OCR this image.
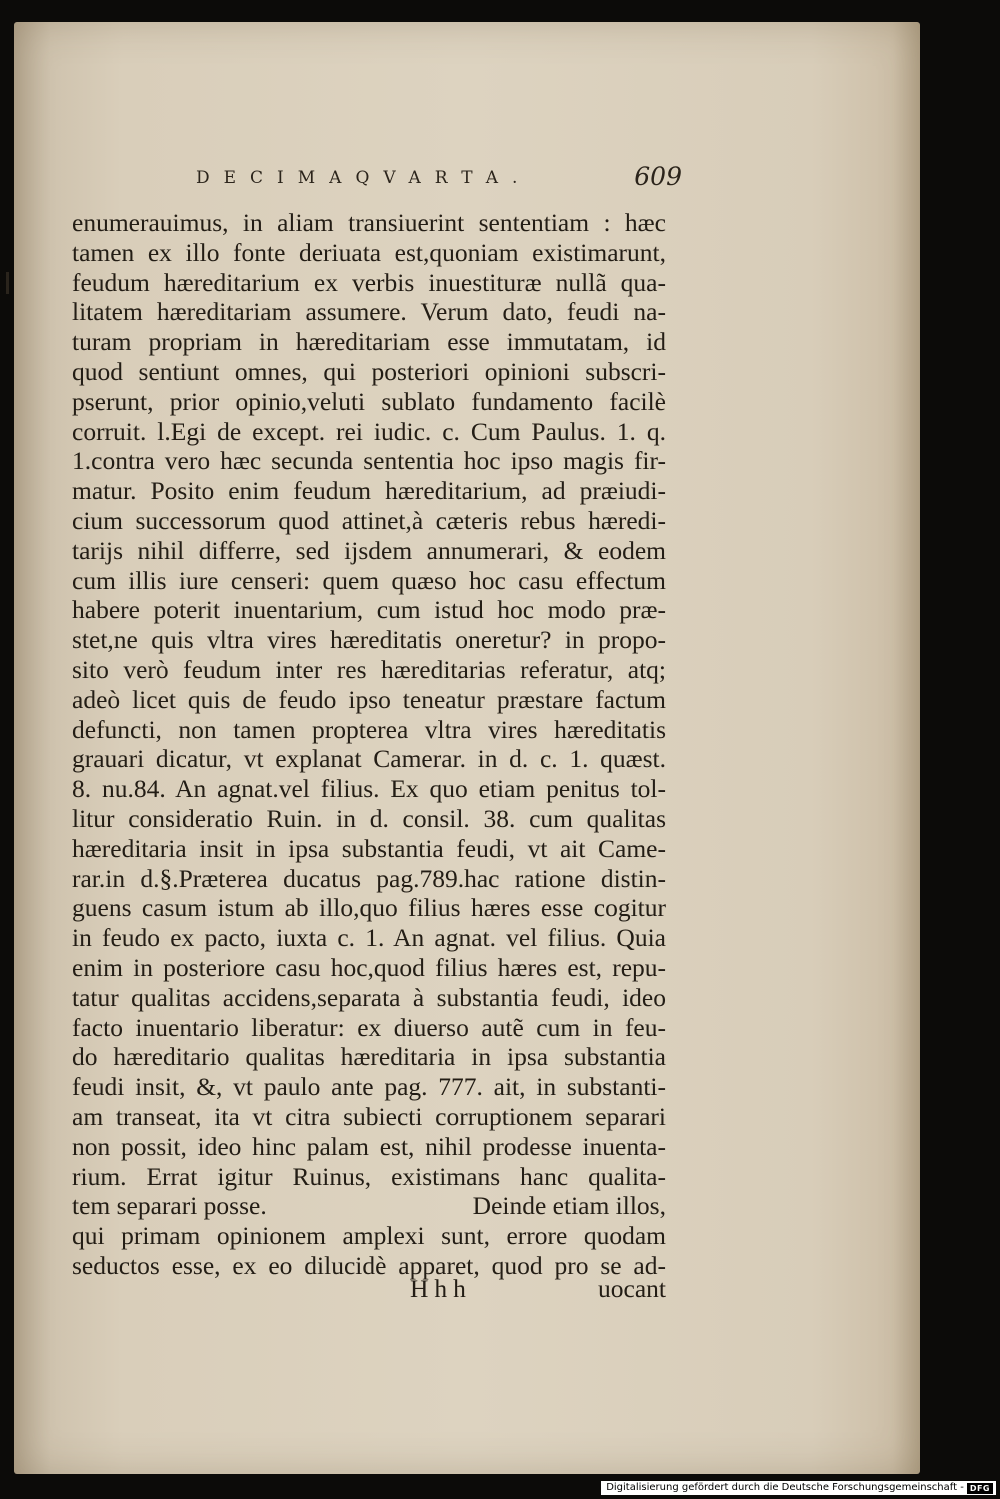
DECIMAQVARTA.	609
enumerauimus, in aliam transiuerint sententiam : hæc
tamen ex illo fonte deriuata est,quoniam existimarunt,
feudum hæreditarium ex verbis inuestituræ nullã qua-
litatem hæreditariam assumere. Verum dato, feudi na-
turam propriam in hæreditariam esse immutatam, id
quod sentiunt omnes, qui posteriori opinioni subscri-
pserunt, prior opinio,veluti sublato fundamento facilè
corruit. l.Egi de except. rei iudic. c. Cum Paulus. 1. q.
1.contra vero hæc secunda sententia hoc ipso magis fir-
matur. Posito enim feudum hæreditarium, ad præiudi-
cium successorum quod attinet,à cæteris rebus hæredi-
tarijs nihil differre, sed ijsdem annumerari, & eodem
cum illis iure censeri: quem quæso hoc casu effectum
habere poterit inuentarium, cum istud hoc modo præ-
stet,ne quis vltra vires hæreditatis oneretur? in propo-
sito verò feudum inter res hæreditarias referatur, atq;
adeò licet quis de feudo ipso teneatur præstare factum
defuncti, non tamen propterea vltra vires hæreditatis
grauari dicatur, vt explanat Camerar. in d. c. 1. quæst.
8. nu.84. An agnat.vel filius. Ex quo etiam penitus tol-
litur consideratio Ruin. in d. consil. 38. cum qualitas
hæreditaria insit in ipsa substantia feudi, vt ait Came-
rar.in d.§.Præterea ducatus pag.789.hac ratione distin-
guens casum istum ab illo,quo filius hæres esse cogitur
in feudo ex pacto, iuxta c. 1. An agnat. vel filius. Quia
enim in posteriore casu hoc,quod filius hæres est, repu-
tatur qualitas accidens,separata à substantia feudi, ideo
facto inuentario liberatur: ex diuerso autẽ cum in feu-
do hæreditario qualitas hæreditaria in ipsa substantia
feudi insit, &, vt paulo ante pag. 777. ait, in substanti-
am transeat, ita vt citra subiecti corruptionem separari
non possit, ideo hinc palam est, nihil prodesse inuenta-
rium. Errat igitur Ruinus, existimans hanc qualita-
tem separari posse.	Deinde etiam illos,
qui primam opinionem amplexi sunt, errore quodam
seductos esse, ex eo dilucidè apparet, quod pro se ad-
Hhh	uocant
Digitalisierung gefördert durch die Deutsche Forschungsgemeinschaft - DFG
